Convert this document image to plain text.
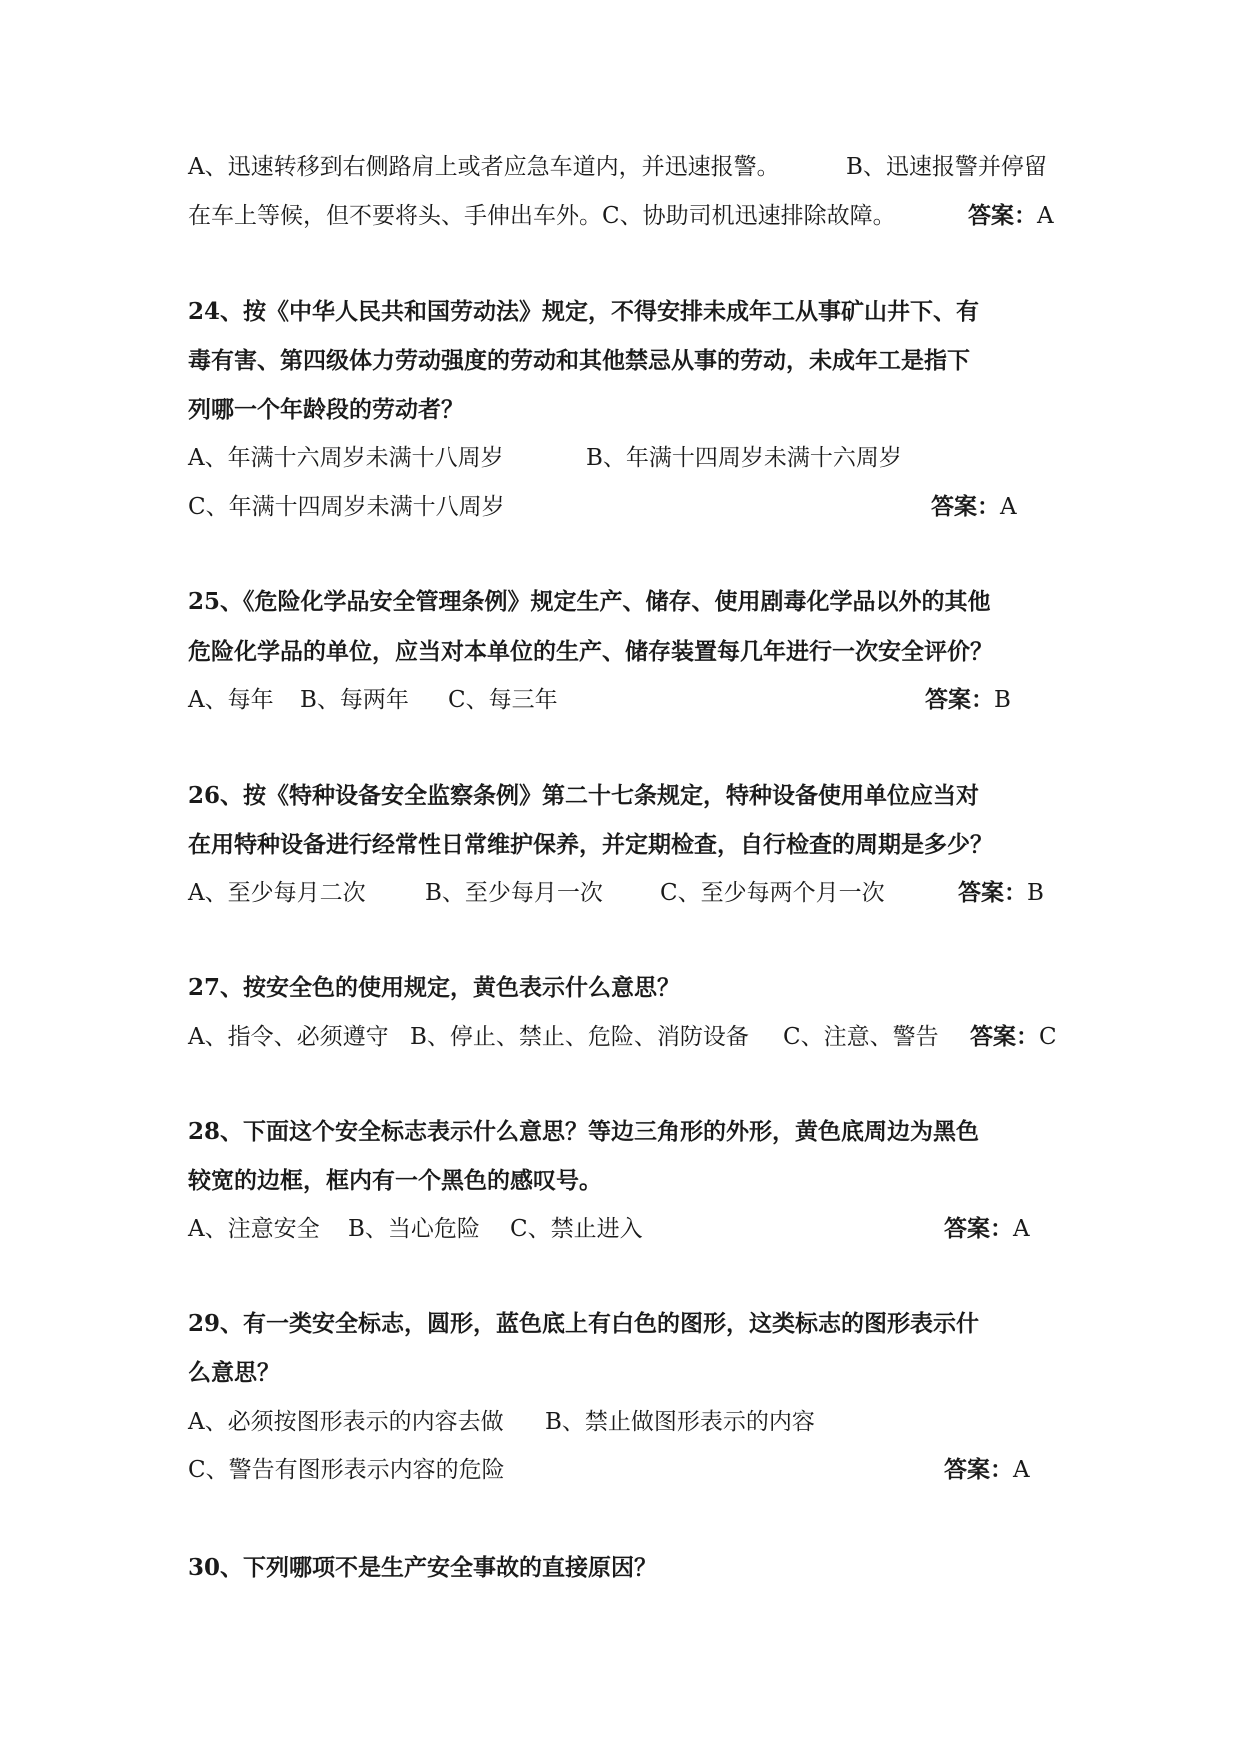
A、迅速转移到右侧路肩上或者应急车道内，并迅速报警。	B、迅速报警并停留
在车上等候，但不要将头、手伸出车外。C、协助司机迅速排除故障。	答案：A
24、按《中华人民共和国劳动法》规定，不得安排未成年工从事矿山井下、有
毒有害、第四级体力劳动强度的劳动和其他禁忌从事的劳动，未成年工是指下
列哪一个年龄段的劳动者？
A、年满十六周岁未满十八周岁	B、年满十四周岁未满十六周岁
C、年满十四周岁未满十八周岁	答案：A
25、《危险化学品安全管理条例》规定生产、储存、使用剧毒化学品以外的其他
危险化学品的单位，应当对本单位的生产、储存装置每几年进行一次安全评价？
A、每年 B、每两年 C、每三年	答案：B
26、按《特种设备安全监察条例》第二十七条规定，特种设备使用单位应当对
在用特种设备进行经常性日常维护保养，并定期检查，自行检查的周期是多少？
A、至少每月二次	B、至少每月一次 C、至少每两个月一次	答案：B
27、按安全色的使用规定，黄色表示什么意思？
A、指令、必须遵守 B、停止、禁止、危险、消防设备 C、注意、警告 答案：C
28、下面这个安全标志表示什么意思？等边三角形的外形，黄色底周边为黑色
较宽的边框，框内有一个黑色的感叹号。
A、注意安全 B、当心危险 C、禁止进入	答案：A
29、有一类安全标志，圆形，蓝色底上有白色的图形，这类标志的图形表示什
么意思？
A、必须按图形表示的内容去做 B、禁止做图形表示的内容
C、警告有图形表示内容的危险	答案：A
30、下列哪项不是生产安全事故的直接原因？
